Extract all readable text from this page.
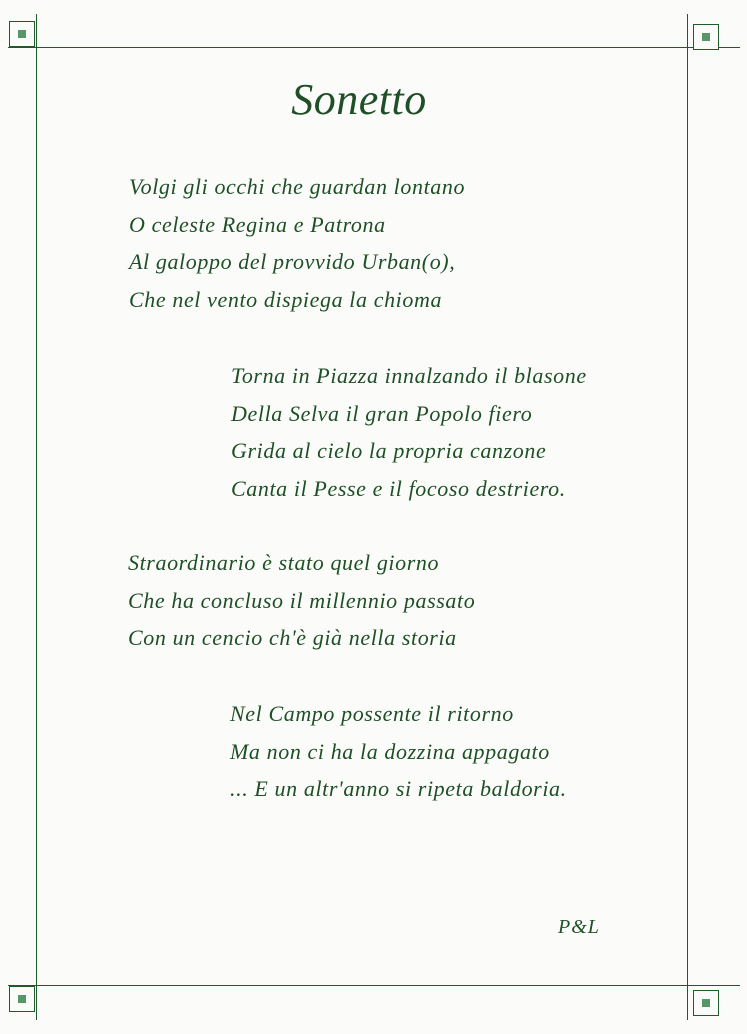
Sonetto
Volgi gli occhi che guardan lontano
O celeste Regina e Patrona
Al galoppo del provvido Urban(o),
Che nel vento dispiega la chioma
Torna in Piazza innalzando il blasone
Della Selva il gran Popolo fiero
Grida al cielo la propria canzone
Canta il Pesse e il focoso destriero.
Straordinario è stato quel giorno
Che ha concluso il millennio passato
Con un cencio ch'è già nella storia
Nel Campo possente il ritorno
Ma non ci ha la dozzina appagato
... E un altr'anno si ripeta baldoria.
P&L
